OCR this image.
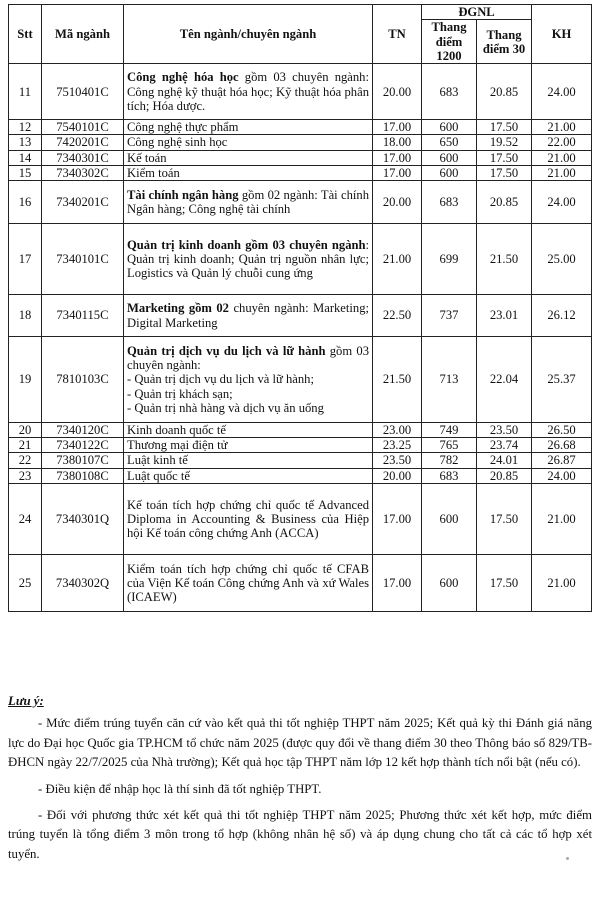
Stt	Mã ngành	Tên ngành/chuyên ngành	TN	ĐGNL		KH
				Thang điểm 1200	Thang điểm 30	
11	7510401C	Công nghệ hóa học gồm 03 chuyên ngành: Công nghệ kỹ thuật hóa học; Kỹ thuật hóa phân tích; Hóa dược.	20.00	683	20.85	24.00
12	7540101C	Công nghệ thực phẩm	17.00	600	17.50	21.00
13	7420201C	Công nghệ sinh học	18.00	650	19.52	22.00
14	7340301C	Kế toán	17.00	600	17.50	21.00
15	7340302C	Kiểm toán	17.00	600	17.50	21.00
16	7340201C	Tài chính ngân hàng gồm 02 ngành: Tài chính Ngân hàng; Công nghệ tài chính	20.00	683	20.85	24.00
17	7340101C	Quản trị kinh doanh gồm 03 chuyên ngành: Quản trị kinh doanh; Quản trị nguồn nhân lực; Logistics và Quản lý chuỗi cung ứng	21.00	699	21.50	25.00
18	7340115C	Marketing gồm 02 chuyên ngành: Marketing; Digital Marketing	22.50	737	23.01	26.12
19	7810103C	Quản trị dịch vụ du lịch và lữ hành gồm 03 chuyên ngành:
- Quản trị dịch vụ du lịch và lữ hành;
- Quản trị khách sạn;
- Quản trị nhà hàng và dịch vụ ăn uống	21.50	713	22.04	25.37
20	7340120C	Kinh doanh quốc tế	23.00	749	23.50	26.50
21	7340122C	Thương mại điện tử	23.25	765	23.74	26.68
22	7380107C	Luật kinh tế	23.50	782	24.01	26.87
23	7380108C	Luật quốc tế	20.00	683	20.85	24.00
24	7340301Q	Kế toán tích hợp chứng chỉ quốc tế Advanced Diploma in Accounting & Business của Hiệp hội Kế toán công chứng Anh (ACCA)	17.00	600	17.50	21.00
25	7340302Q	Kiểm toán tích hợp chứng chỉ quốc tế CFAB của Viện Kế toán Công chứng Anh và xứ Wales (ICAEW)	17.00	600	17.50	21.00
Lưu ý:

- Mức điểm trúng tuyển căn cứ vào kết quả thi tốt nghiệp THPT năm 2025; Kết quả kỳ thi Đánh giá năng lực do Đại học Quốc gia TP.HCM tổ chức năm 2025 (được quy đổi về thang điểm 30 theo Thông báo số 829/TB-ĐHCN ngày 22/7/2025 của Nhà trường); Kết quả học tập THPT năm lớp 12 kết hợp thành tích nổi bật (nếu có).

- Điều kiện để nhập học là thí sinh đã tốt nghiệp THPT.

- Đối với phương thức xét kết quả thi tốt nghiệp THPT năm 2025; Phương thức xét kết hợp, mức điểm trúng tuyển là tổng điểm 3 môn trong tổ hợp (không nhân hệ số) và áp dụng chung cho tất cả các tổ hợp xét tuyển.
